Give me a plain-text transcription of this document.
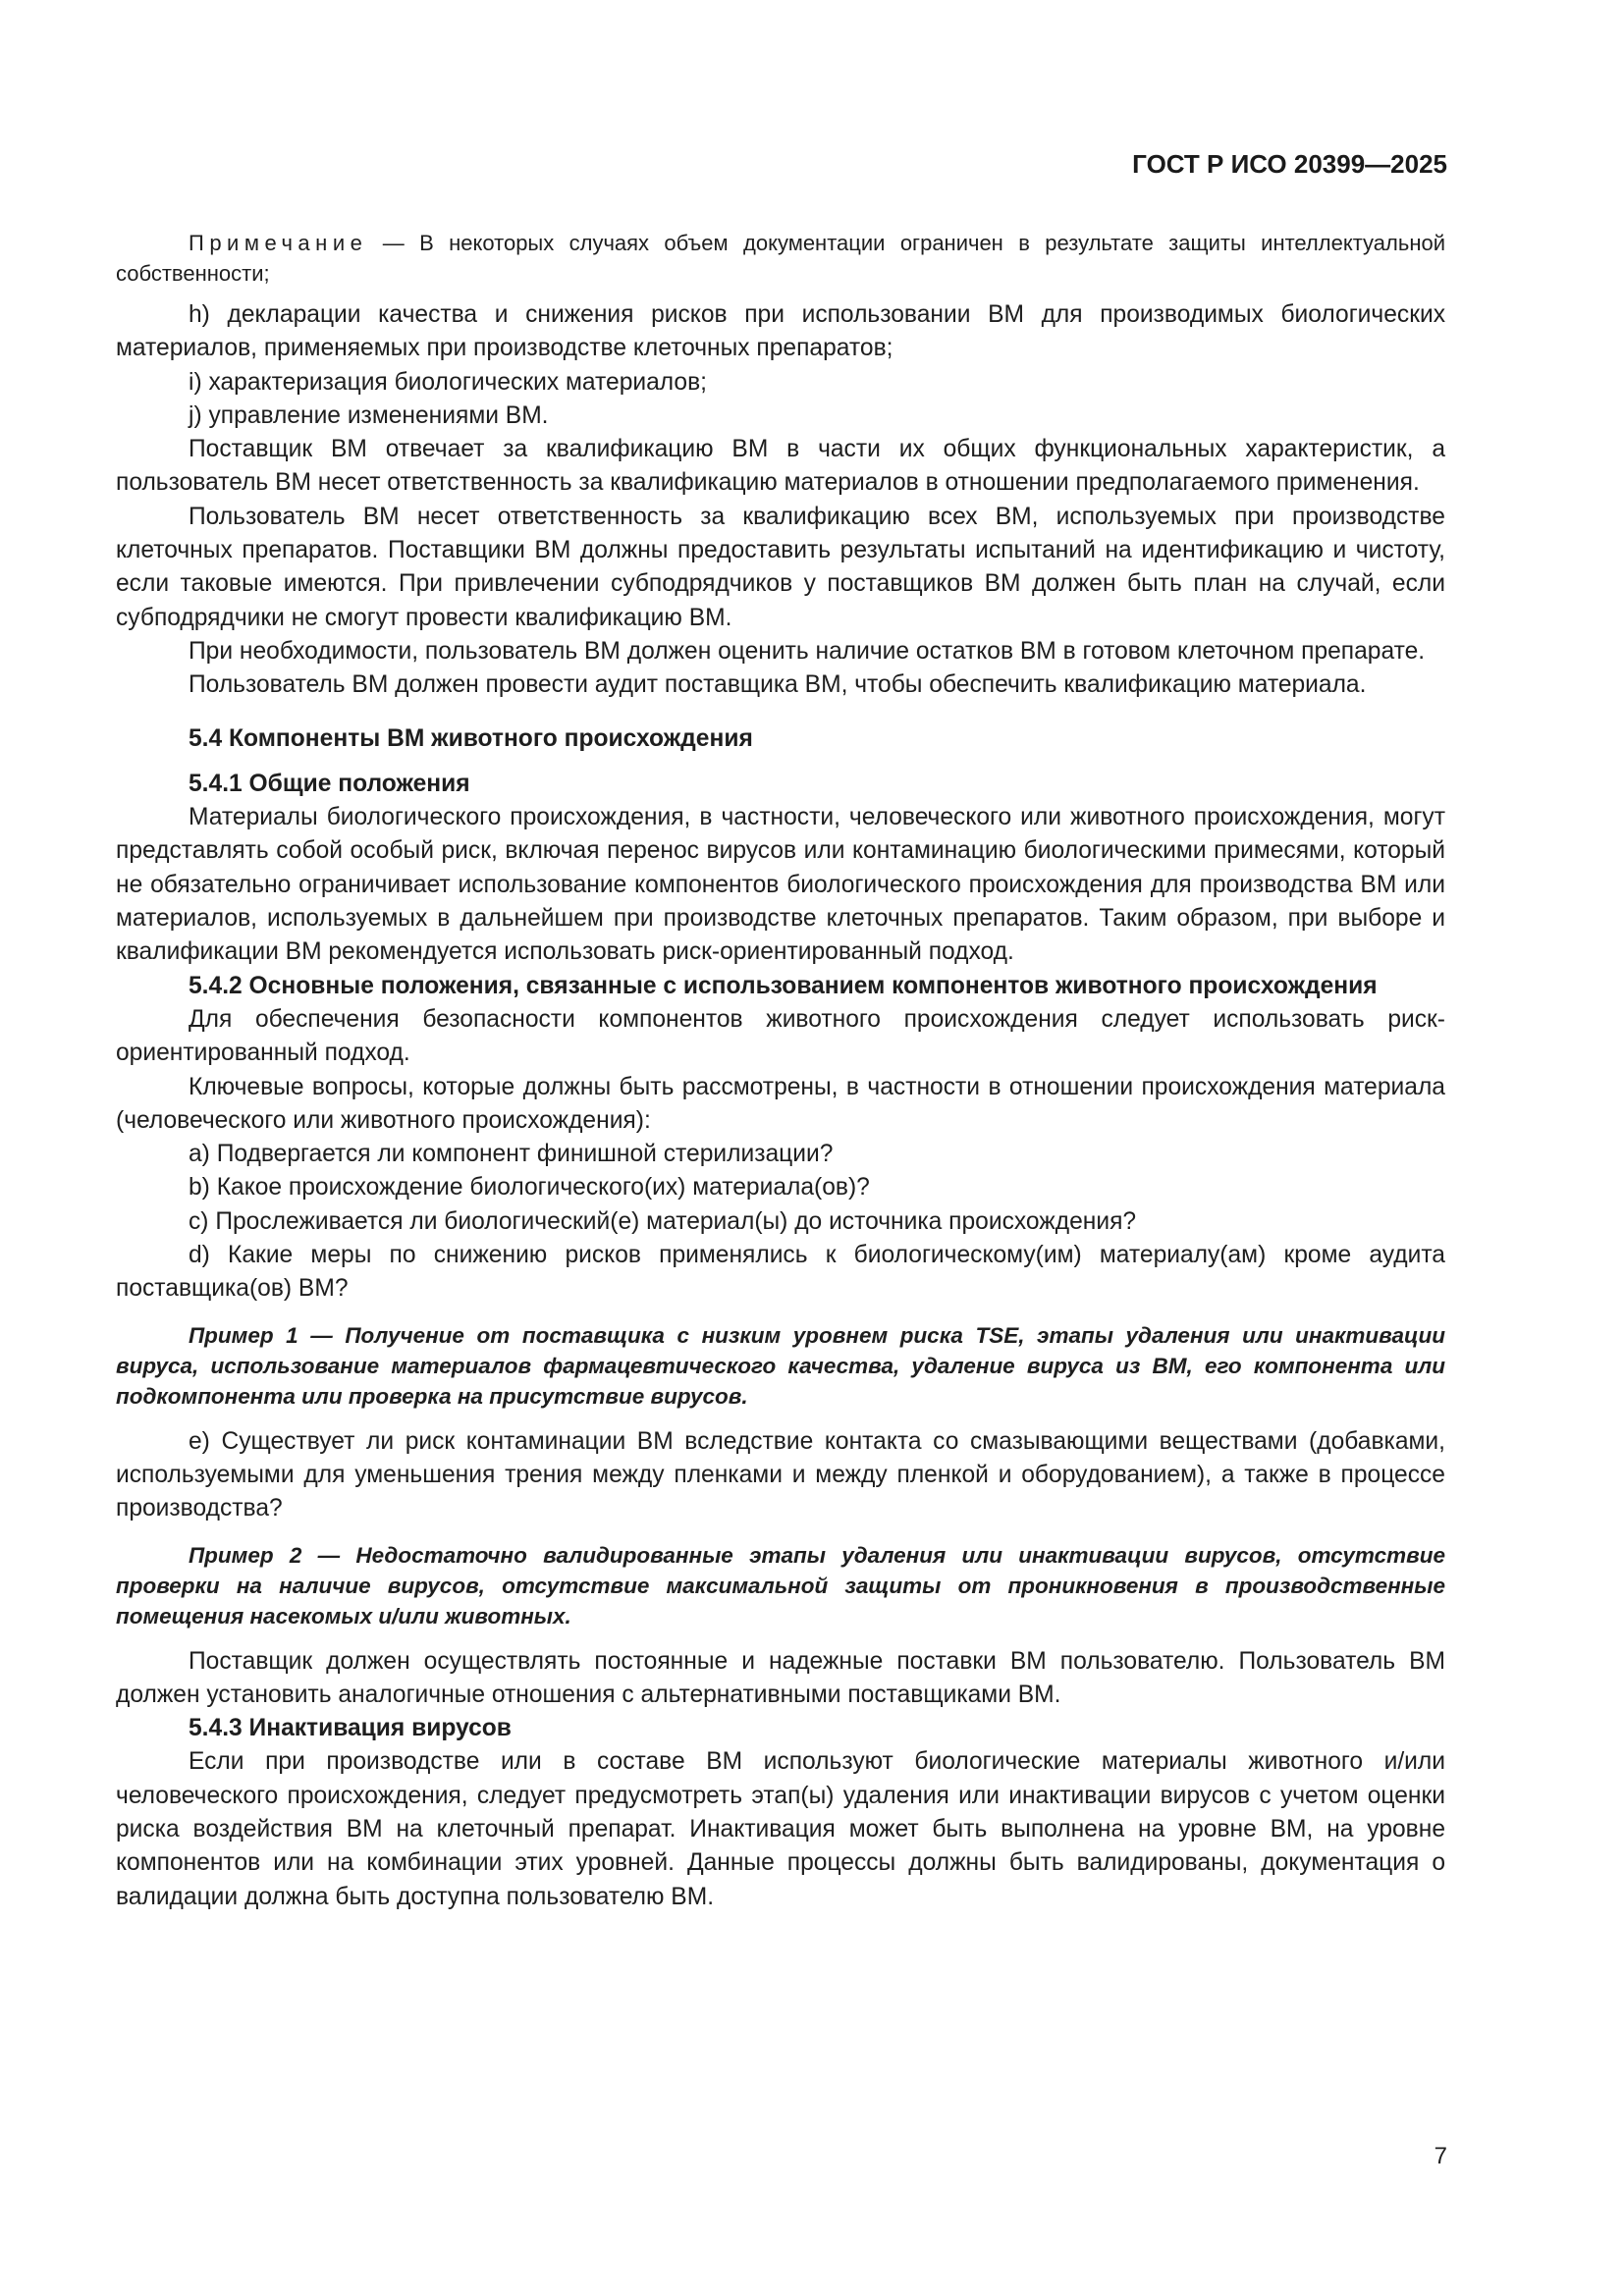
ГОСТ Р ИСО 20399—2025

Примечание — В некоторых случаях объем документации ограничен в результате защиты интеллектуальной собственности;

h) декларации качества и снижения рисков при использовании ВМ для производимых биологических материалов, применяемых при производстве клеточных препаратов;

i) характеризация биологических материалов;

j) управление изменениями ВМ.

Поставщик ВМ отвечает за квалификацию ВМ в части их общих функциональных характеристик, а пользователь ВМ несет ответственность за квалификацию материалов в отношении предполагаемого применения.

Пользователь ВМ несет ответственность за квалификацию всех ВМ, используемых при производстве клеточных препаратов. Поставщики ВМ должны предоставить результаты испытаний на идентификацию и чистоту, если таковые имеются. При привлечении субподрядчиков у поставщиков ВМ должен быть план на случай, если субподрядчики не смогут провести квалификацию ВМ.

При необходимости, пользователь ВМ должен оценить наличие остатков ВМ в готовом клеточном препарате.

Пользователь ВМ должен провести аудит поставщика ВМ, чтобы обеспечить квалификацию материала.

5.4 Компоненты ВМ животного происхождения

5.4.1 Общие положения

Материалы биологического происхождения, в частности, человеческого или животного происхождения, могут представлять собой особый риск, включая перенос вирусов или контаминацию биологическими примесями, который не обязательно ограничивает использование компонентов биологического происхождения для производства ВМ или материалов, используемых в дальнейшем при производстве клеточных препаратов. Таким образом, при выборе и квалификации ВМ рекомендуется использовать риск-ориентированный подход.

5.4.2 Основные положения, связанные с использованием компонентов животного происхождения

Для обеспечения безопасности компонентов животного происхождения следует использовать риск-ориентированный подход.

Ключевые вопросы, которые должны быть рассмотрены, в частности в отношении происхождения материала (человеческого или животного происхождения):

a) Подвергается ли компонент финишной стерилизации?

b) Какое происхождение биологического(их) материала(ов)?

c) Прослеживается ли биологический(е) материал(ы) до источника происхождения?

d) Какие меры по снижению рисков применялись к биологическому(им) материалу(ам) кроме аудита поставщика(ов) ВМ?

Пример 1 — Получение от поставщика с низким уровнем риска TSE, этапы удаления или инактивации вируса, использование материалов фармацевтического качества, удаление вируса из ВМ, его компонента или подкомпонента или проверка на присутствие вирусов.

e) Существует ли риск контаминации ВМ вследствие контакта со смазывающими веществами (добавками, используемыми для уменьшения трения между пленками и между пленкой и оборудованием), а также в процессе производства?

Пример 2 — Недостаточно валидированные этапы удаления или инактивации вирусов, отсутствие проверки на наличие вирусов, отсутствие максимальной защиты от проникновения в производственные помещения насекомых и/или животных.

Поставщик должен осуществлять постоянные и надежные поставки ВМ пользователю. Пользователь ВМ должен установить аналогичные отношения с альтернативными поставщиками ВМ.

5.4.3 Инактивация вирусов

Если при производстве или в составе ВМ используют биологические материалы животного и/или человеческого происхождения, следует предусмотреть этап(ы) удаления или инактивации вирусов с учетом оценки риска воздействия ВМ на клеточный препарат. Инактивация может быть выполнена на уровне ВМ, на уровне компонентов или на комбинации этих уровней. Данные процессы должны быть валидированы, документация о валидации должна быть доступна пользователю ВМ.

7
